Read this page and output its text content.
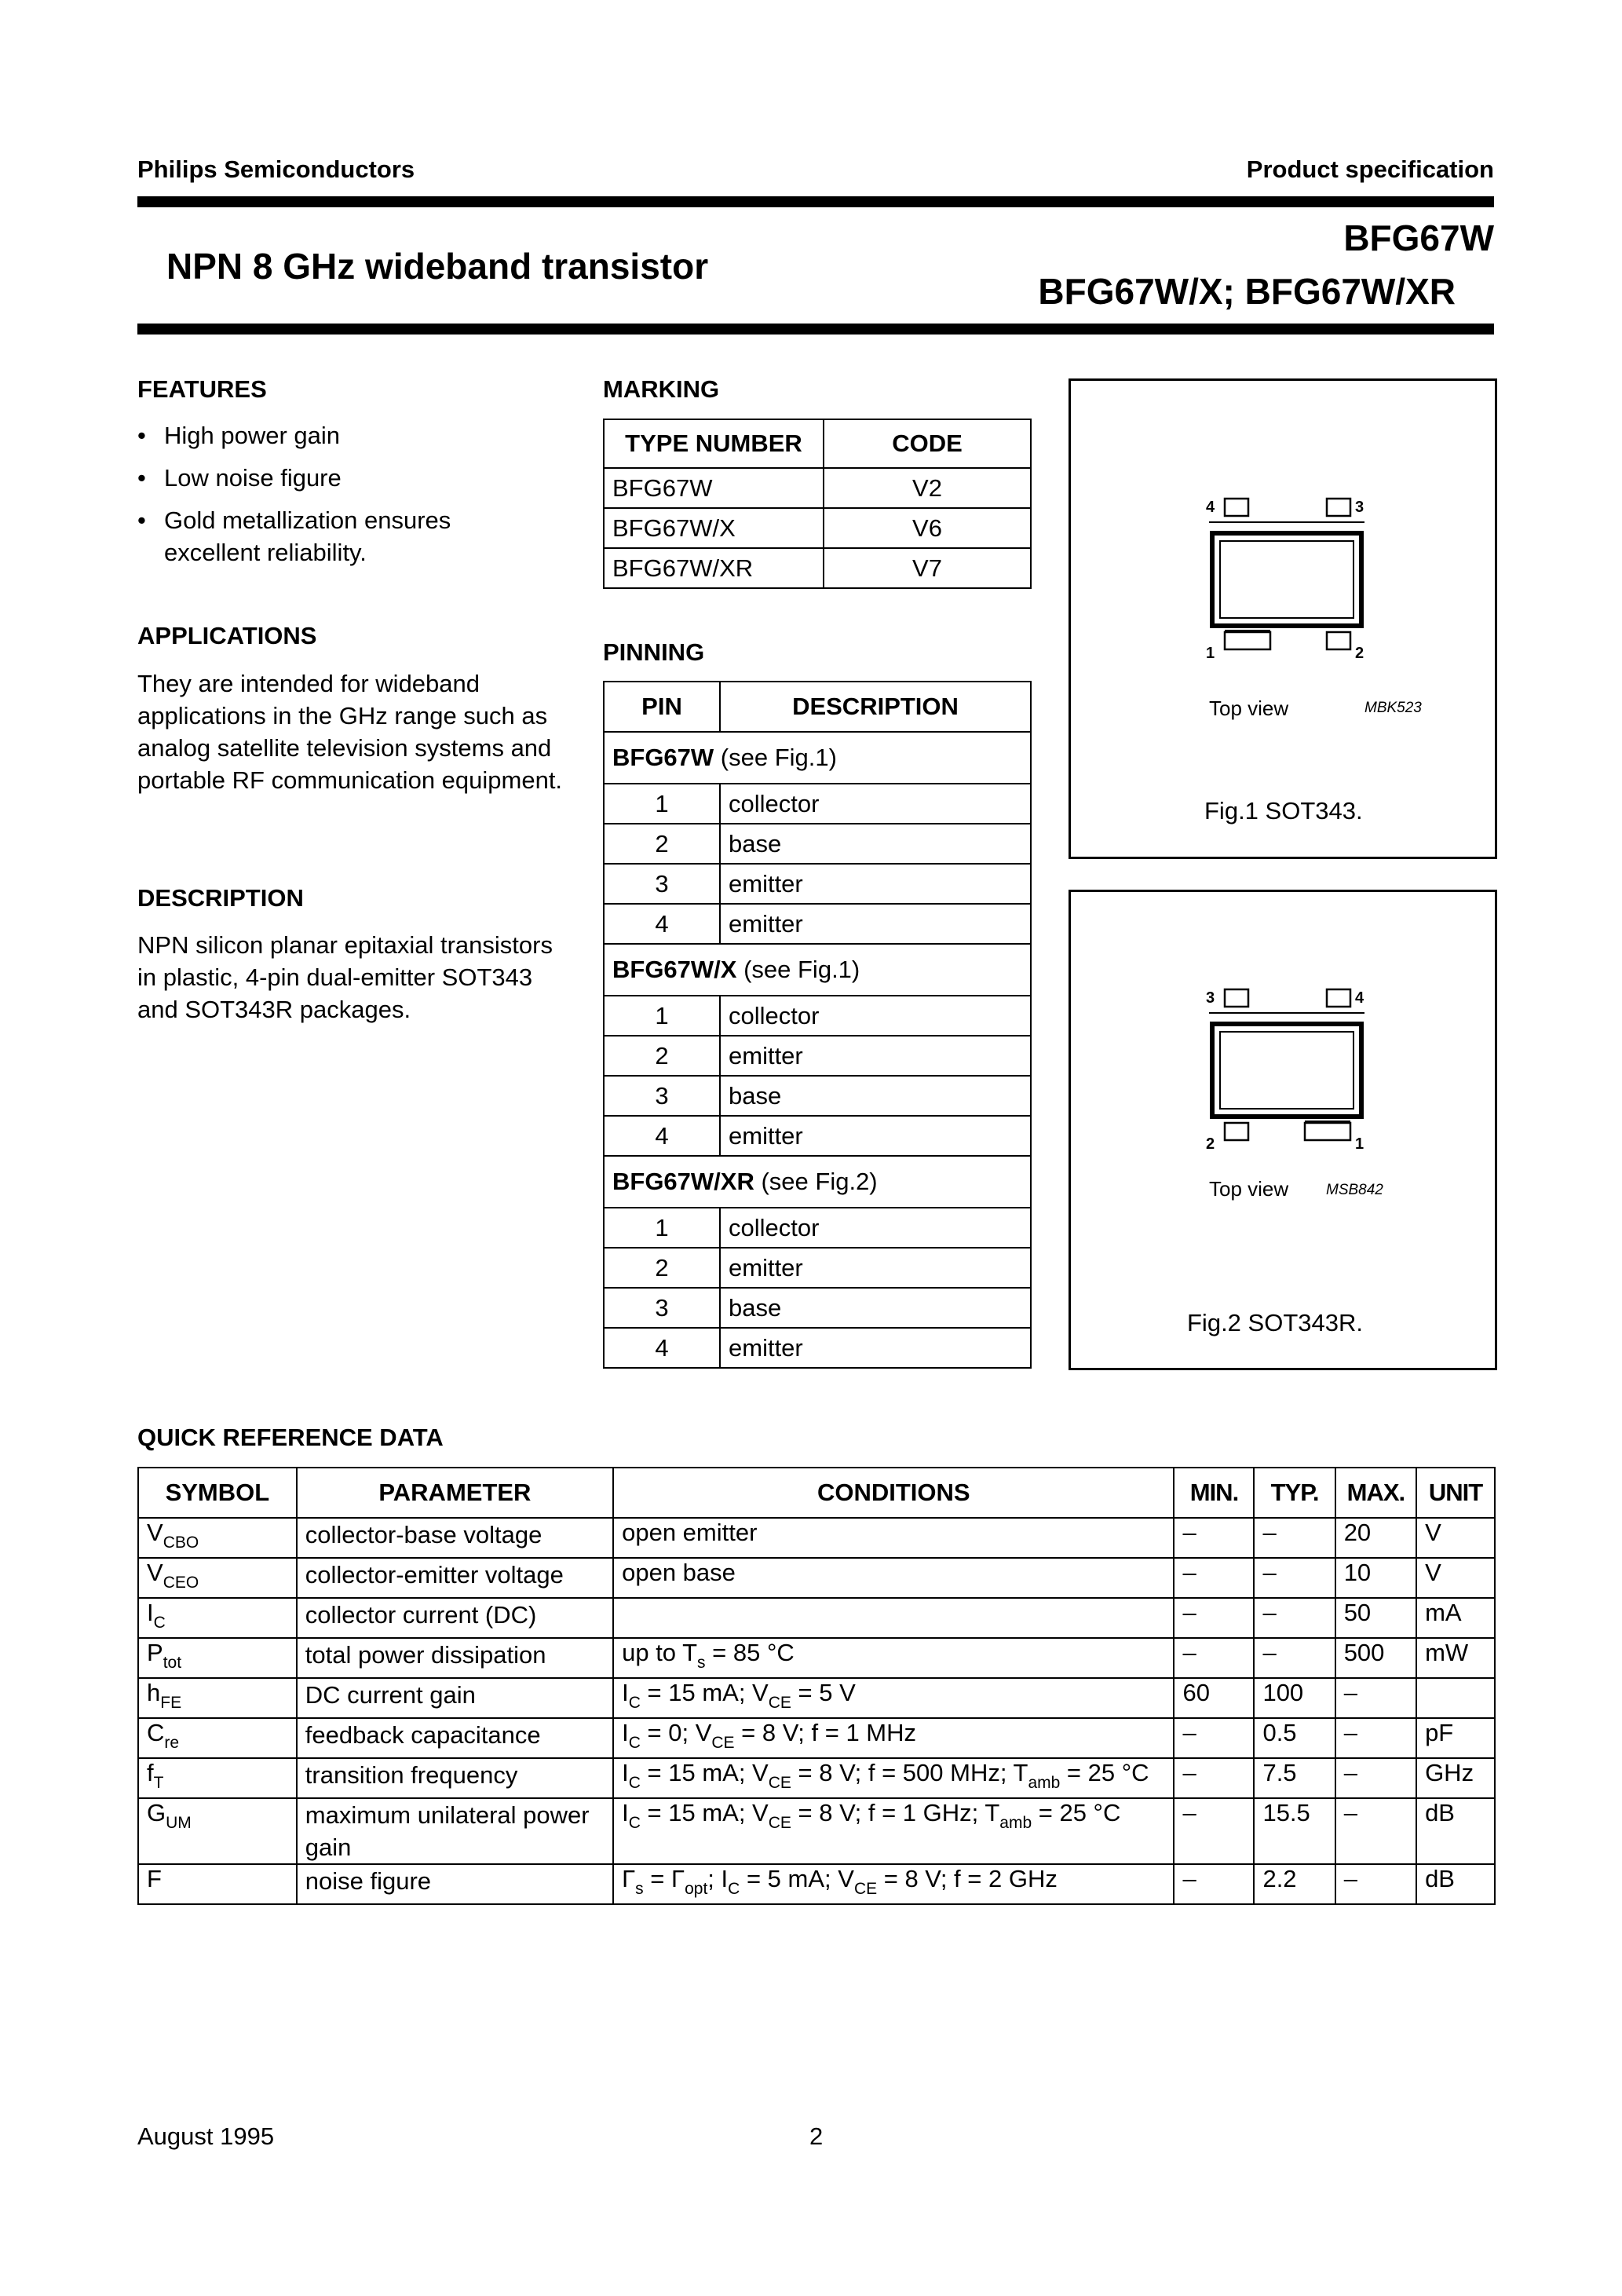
Philips Semiconductors	Product specification
NPN 8 GHz wideband transistor
BFG67W
BFG67W/X; BFG67W/XR
FEATURES
• High power gain
• Low noise figure
• Gold metallization ensures excellent reliability.
APPLICATIONS
They are intended for wideband applications in the GHz range such as analog satellite television systems and portable RF communication equipment.
DESCRIPTION
NPN silicon planar epitaxial transistors in plastic, 4-pin dual-emitter SOT343 and SOT343R packages.
MARKING
TYPE NUMBER	CODE
BFG67W	V2
BFG67W/X	V6
BFG67W/XR	V7
PINNING
PIN	DESCRIPTION
BFG67W (see Fig.1)	
1	collector
2	base
3	emitter
4	emitter
BFG67W/X (see Fig.1)	
1	collector
2	emitter
3	base
4	emitter
BFG67W/XR (see Fig.2)	
1	collector
2	emitter
3	base
4	emitter
4	3
1	2
Top view	MBK523
Fig.1 SOT343.
3	4
2	1
Top view	MSB842
Fig.2 SOT343R.
QUICK REFERENCE DATA
SYMBOL	PARAMETER	CONDITIONS	MIN.	TYP.	MAX.	UNIT
$V_{CBO}$	collector-base voltage	open emitter	–	–	20	V
$V_{CEO}$	collector-emitter voltage	open base	–	–	10	V
$I_C$	collector current (DC)		–	–	50	mA
$P_{tot}$	total power dissipation	up to $T_s = 85$ °C	–	–	500	mW
$h_{FE}$	DC current gain	$I_C = 15$ mA; $V_{CE} = 5$ V	60	100	–	
$C_{re}$	feedback capacitance	$I_C = 0$; $V_{CE} = 8$ V; f = 1 MHz	–	0.5	–	pF
$f_T$	transition frequency	$I_C = 15$ mA; $V_{CE} = 8$ V; f = 500 MHz; $T_{amb} = 25$ °C	–	7.5	–	GHz
$G_{UM}$	maximum unilateral power gain	$I_C = 15$ mA; $V_{CE} = 8$ V; f = 1 GHz; $T_{amb} = 25$ °C	–	15.5	–	dB
F	noise figure	$\Gamma_s = \Gamma_{opt}$; $I_C = 5$ mA; $V_{CE} = 8$ V; f = 2 GHz	–	2.2	–	dB
August 1995	2
